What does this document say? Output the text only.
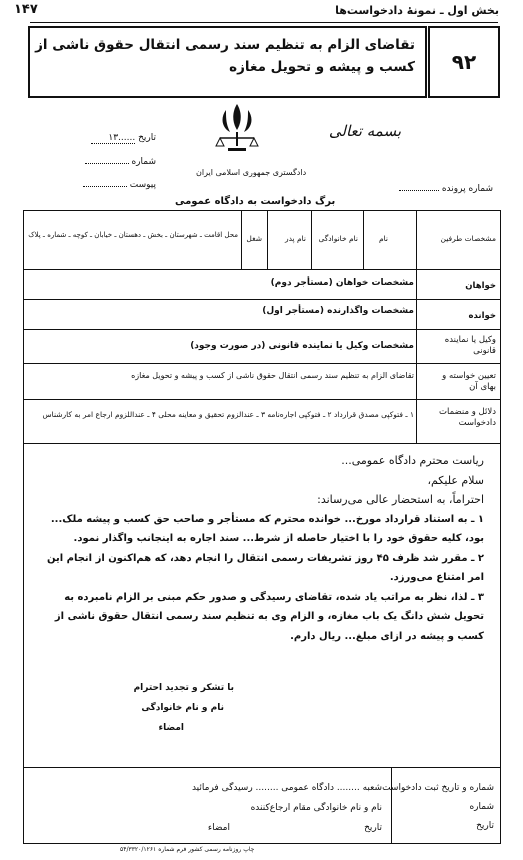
بخش اول ـ نمونهٔ دادخواست‌ها
۱۴۷
تقاضای الزام به تنظیم سند رسمی انتقال حقوق ناشی از کسب و پیشه و تحویل مغازه ۹۲
بسمه تعالی
دادگستری جمهوری اسلامی ایران
تاریخ ......۱۳
شماره
پیوست	شماره پرونده
برگ دادخواست به دادگاه عمومی
مشخصات طرفین
نام
نام خانوادگی
نام پدر
شغل
محل اقامت ـ شهرستان ـ بخش ـ دهستان ـ خیابان ـ کوچه ـ شماره ـ پلاک
خواهان
مشخصات خواهان (مستأجر دوم)
خوانده
مشخصات واگذارنده (مستأجر اول)
وکیل یا نماینده قانونی
مشخصات وکیل یا نماینده قانونی (در صورت وجود)
تعیین خواسته و بهای آن
تقاضای الزام به تنظیم سند رسمی انتقال حقوق ناشی از کسب و پیشه و تحویل مغازه
دلائل و منضمات دادخواست
۱ ـ فتوکپی مصدق قرارداد ۲ ـ فتوکپی اجاره‌نامه ۳ ـ عندالزوم تحقیق و معاینه محلی ۴ ـ عنداللزوم ارجاع امر به کارشناس
ریاست محترم دادگاه عمومی...
سلام علیکم،
احتراماً، به استحضار عالی می‌رساند:
۱ ـ به استناد قرارداد مورخ... خوانده محترم که مستأجر و صاحب حق کسب و پیشه ملک... بود، کلیه حقوق خود را با اختیار حاصله از شرط... سند اجاره به اینجانب واگذار نمود.
۲ ـ مقرر شد ظرف ۴۵ روز تشریفات رسمی انتقال را انجام دهد، که هم‌اکنون از انجام این امر امتناع می‌ورزد.
۳ ـ لذا، نظر به مراتب یاد شده، تقاضای رسیدگی و صدور حکم مبنی بر الزام نامبرده به تحویل شش دانگ یک باب مغازه، و الزام وی به تنظیم سند رسمی انتقال حقوق ناشی از کسب و پیشه در ازای مبلغ... ریال دارم.
با تشکر و تجدید احترام
نام و نام خانوادگی
امضاء
شماره و تاریخ ثبت دادخواست
شماره
تاریخ
شعبه ........ دادگاه عمومی ........ رسیدگی فرمائید
نام و نام خانوادگی مقام ارجاع‌کننده
تاریخ
امضاء
چاپ روزنامه رسمی کشور فرم شماره ۵۴/۳۳۲۰/۱۲۶۱
